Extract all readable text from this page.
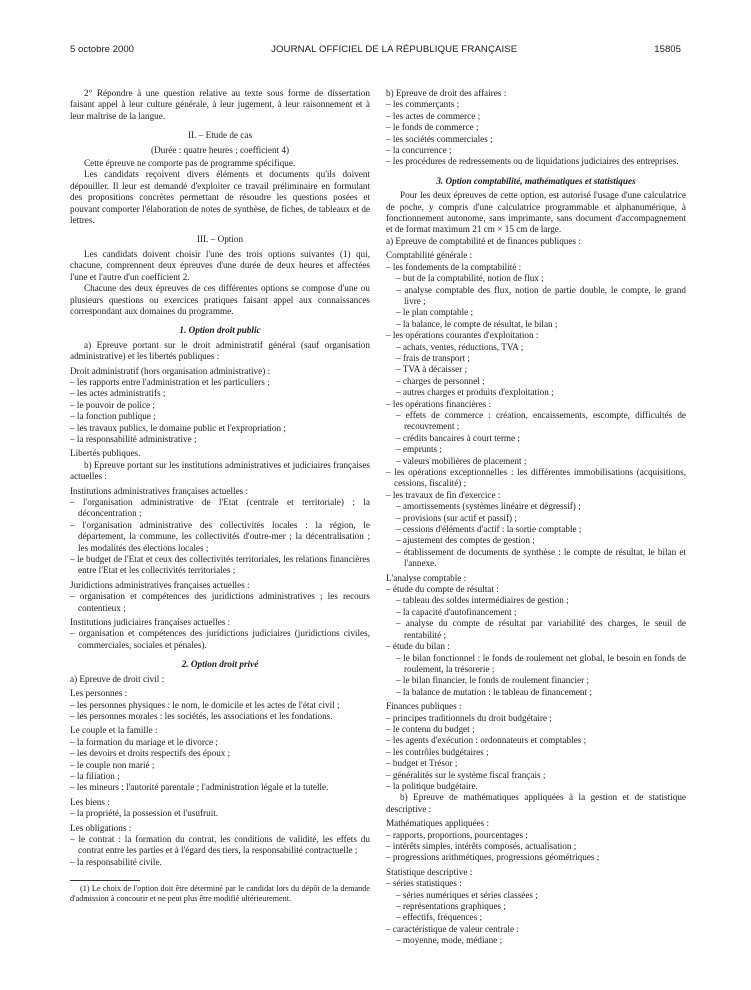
5 octobre 2000	JOURNAL OFFICIEL DE LA RÉPUBLIQUE FRANÇAISE	15805

2° Répondre à une question relative au texte sous forme de dissertation faisant appel à leur culture générale, à leur jugement, à leur raisonnement et à leur maîtrise de la langue.

II. – Etude de cas

(Durée : quatre heures ; coefficient 4)

Cette épreuve ne comporte pas de programme spécifique.

Les candidats reçoivent divers éléments et documents qu'ils doivent dépouiller. Il leur est demandé d'exploiter ce travail préliminaire en formulant des propositions concrètes permettant de résoudre les questions posées et pouvant comporter l'élaboration de notes de synthèse, de fiches, de tableaux et de lettres.

III. – Option

Les candidats doivent choisir l'une des trois options suivantes (1) qui, chacune, comprennent deux épreuves d'une durée de deux heures et affectées l'une et l'autre d'un coefficient 2.

Chacune des deux épreuves de ces différentes options se compose d'une ou plusieurs questions ou exercices pratiques faisant appel aux connaissances correspondant aux domaines du programme.

1. Option droit public

a) Epreuve portant sur le droit administratif général (sauf organisation administrative) et les libertés publiques :

Droit administratif (hors organisation administrative) :

– les rapports entre l'administration et les particuliers ;

– les actes administratifs ;

– le pouvoir de police ;

– la fonction publique ;

– les travaux publics, le domaine public et l'expropriation ;

– la responsabilité administrative ;

Libertés publiques.

b) Epreuve portant sur les institutions administratives et judiciaires françaises actuelles :

Institutions administratives françaises actuelles :

– l'organisation administrative de l'Etat (centrale et territoriale) ; la déconcentration ;

– l'organisation administrative des collectivités locales : la région, le département, la commune, les collectivités d'outre-mer ; la décentralisation ; les modalités des élections locales ;

– le budget de l'Etat et ceux des collectivités territoriales, les relations financières entre l'Etat et les collectivités territoriales ;

Juridictions administratives françaises actuelles :

– organisation et compétences des juridictions administratives ; les recours contentieux ;

Institutions judiciaires françaises actuelles :

– organisation et compétences des juridictions judiciaires (juridictions civiles, commerciales, sociales et pénales).

2. Option droit privé

a) Epreuve de droit civil :

Les personnes :

– les personnes physiques : le nom, le domicile et les actes de l'état civil ;

– les personnes morales : les sociétés, les associations et les fondations.

Le couple et la famille :

– la formation du mariage et le divorce ;

– les devoirs et droits respectifs des époux ;

– le couple non marié ;

– la filiation ;

– les mineurs : l'autorité parentale ; l'administration légale et la tutelle.

Les biens :

– la propriété, la possession et l'usufruit.

Les obligations :

– le contrat : la formation du contrat, les conditions de validité, les effets du contrat entre les parties et à l'égard des tiers, la responsabilité contractuelle ;

– la responsabilité civile.

(1) Le choix de l'option doit être déterminé par le candidat lors du dépôt de la demande d'admission à concourir et ne peut plus être modifié ultérieurement.

b) Epreuve de droit des affaires :

– les commerçants ;

– les actes de commerce ;

– le fonds de commerce ;

– les sociétés commerciales ;

– la concurrence ;

– les procédures de redressements ou de liquidations judiciaires des entreprises.

3. Option comptabilité, mathématiques et statistiques

Pour les deux épreuves de cette option, est autorisé l'usage d'une calculatrice de poche, y compris d'une calculatrice programmable et alphanumérique, à fonctionnement autonome, sans imprimante, sans document d'accompagnement et de format maximum 21 cm × 15 cm de large.

a) Epreuve de comptabilité et de finances publiques :

Comptabilité générale :

– les fondements de la comptabilité :

– but de la comptabilité, notion de flux ;

– analyse comptable des flux, notion de partie double, le compte, le grand livre ;

– le plan comptable ;

– la balance, le compte de résultat, le bilan ;

– les opérations courantes d'exploitation :

– achats, ventes, réductions, TVA ;

– frais de transport ;

– TVA à décaisser ;

– charges de personnel ;

– autres charges et produits d'exploitation ;

– les opérations financières :

– effets de commerce : création, encaissements, escompte, difficultés de recouvrement ;

– crédits bancaires à court terme ;

– emprunts ;

– valeurs mobilières de placement ;

– les opérations exceptionnelles : les différentes immobilisations (acquisitions, cessions, fiscalité) ;

– les travaux de fin d'exercice :

– amortissements (systèmes linéaire et dégressif) ;

– provisions (sur actif et passif) ;

– cessions d'éléments d'actif : la sortie comptable ;

– ajustement des comptes de gestion ;

– établissement de documents de synthèse : le compte de résultat, le bilan et l'annexe.

L'analyse comptable :

– étude du compte de résultat :

– tableau des soldes intermédiaires de gestion ;

– la capacité d'autofinancement ;

– analyse du compte de résultat par variabilité des charges, le seuil de rentabilité ;

– étude du bilan :

– le bilan fonctionnel : le fonds de roulement net global, le besoin en fonds de roulement, la trésorerie ;

– le bilan financier, le fonds de roulement financier ;

– la balance de mutation : le tableau de financement ;

Finances publiques :

– principes traditionnels du droit budgétaire ;

– le contenu du budget ;

– les agents d'exécution : ordonnateurs et comptables ;

– les contrôles budgétaires ;

– budget et Trésor ;

– généralités sur le système fiscal français ;

– la politique budgétaire.

b) Epreuve de mathématiques appliquées à la gestion et de statistique descriptive :

Mathématiques appliquées :

– rapports, proportions, pourcentages ;

– intérêts simples, intérêts composés, actualisation ;

– progressions arithmétiques, progressions géométriques ;

Statistique descriptive :

– séries statistiques :

– séries numériques et séries classées ;

– représentations graphiques ;

– effectifs, fréquences ;

– caractéristique de valeur centrale :

– moyenne, mode, médiane ;
